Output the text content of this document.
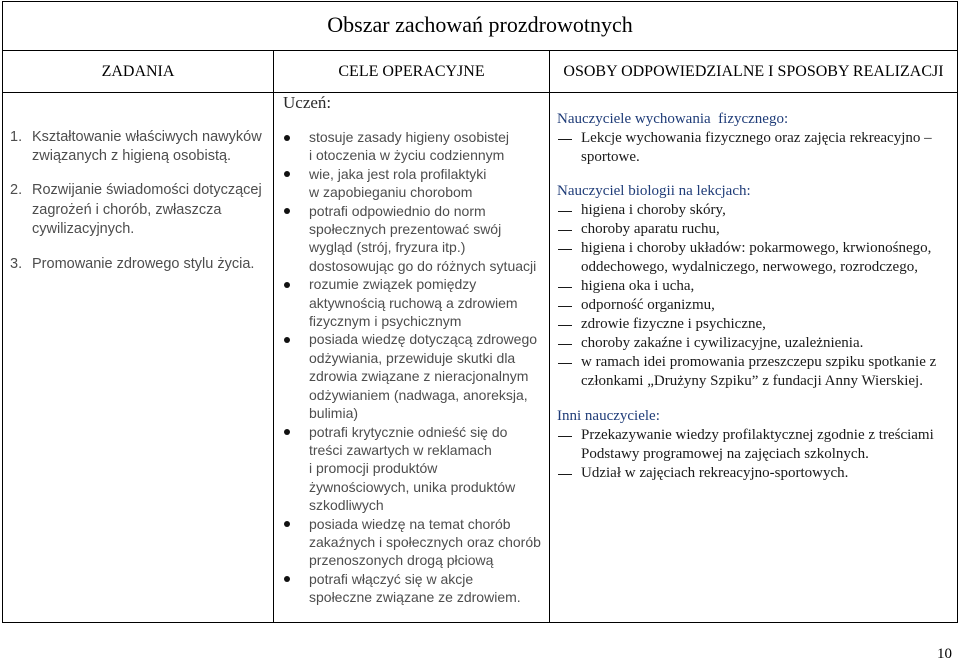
Obszar zachowań prozdrowotnych
ZADANIA	CELE OPERACYJNE	OSOBY ODPOWIEDZIALNE I SPOSOBY REALIZACJI
1. Kształtowanie właściwych nawyków
związanych z higieną osobistą.
2. Rozwijanie świadomości dotyczącej
zagrożeń i chorób, zwłaszcza
cywilizacyjnych.
3. Promowanie zdrowego stylu życia.
Uczeń:
stosuje zasady higieny osobistej
i otoczenia w życiu codziennym
wie, jaka jest rola profilaktyki
w zapobieganiu chorobom
potrafi odpowiednio do norm
społecznych prezentować swój
wygląd (strój, fryzura itp.)
dostosowując go do różnych sytuacji
rozumie związek pomiędzy
aktywnością ruchową a zdrowiem
fizycznym i psychicznym
posiada wiedzę dotyczącą zdrowego
odżywiania, przewiduje skutki dla
zdrowia związane z nieracjonalnym
odżywianiem (nadwaga, anoreksja,
bulimia)
potrafi krytycznie odnieść się do
treści zawartych w reklamach
i promocji produktów
żywnościowych, unika produktów
szkodliwych
posiada wiedzę na temat chorób
zakaźnych i społecznych oraz chorób
przenoszonych drogą płciową
potrafi włączyć się w akcje
społeczne związane ze zdrowiem.
Nauczyciele wychowania  fizycznego:
Lekcje wychowania fizycznego oraz zajęcia rekreacyjno –
sportowe.
Nauczyciel biologii na lekcjach:
higiena i choroby skóry,
choroby aparatu ruchu,
higiena i choroby układów: pokarmowego, krwionośnego,
oddechowego, wydalniczego, nerwowego, rozrodczego,
higiena oka i ucha,
odporność organizmu,
zdrowie fizyczne i psychiczne,
choroby zakaźne i cywilizacyjne, uzależnienia.
w ramach idei promowania przeszczepu szpiku spotkanie z
członkami „Drużyny Szpiku” z fundacji Anny Wierskiej.
Inni nauczyciele:
Przekazywanie wiedzy profilaktycznej zgodnie z treściami
Podstawy programowej na zajęciach szkolnych.
Udział w zajęciach rekreacyjno-sportowych.
10
